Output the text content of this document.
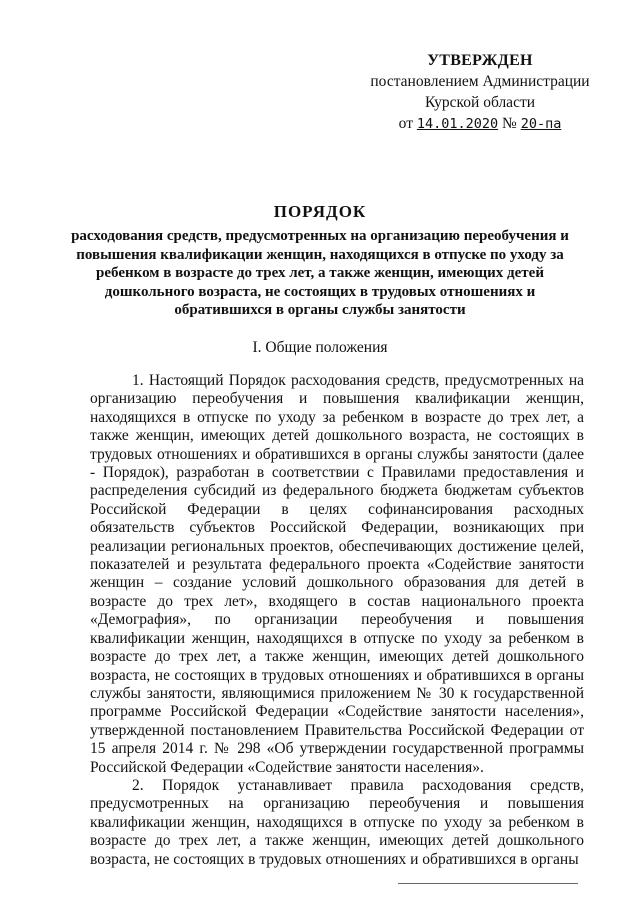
УТВЕРЖДЕН
постановлением Администрации
Курской области
от 14.01.2020 № 20-па
ПОРЯДОК
расходования средств, предусмотренных на организацию переобучения и повышения квалификации женщин, находящихся в отпуске по уходу за ребенком в возрасте до трех лет, а также женщин, имеющих детей дошкольного возраста, не состоящих в трудовых отношениях и обратившихся в органы службы занятости
I. Общие положения

1. Настоящий Порядок расходования средств, предусмотренных на организацию переобучения и повышения квалификации женщин, находящихся в отпуске по уходу за ребенком в возрасте до трех лет, а также женщин, имеющих детей дошкольного возраста, не состоящих в трудовых отношениях и обратившихся в органы службы занятости (далее - Порядок), разработан в соответствии с Правилами предоставления и распределения субсидий из федерального бюджета бюджетам субъектов Российской Федерации в целях софинансирования расходных обязательств субъектов Российской Федерации, возникающих при реализации региональных проектов, обеспечивающих достижение целей, показателей и результата федерального проекта «Содействие занятости женщин – создание условий дошкольного образования для детей в возрасте до трех лет», входящего в состав национального проекта «Демография», по организации переобучения и повышения квалификации женщин, находящихся в отпуске по уходу за ребенком в возрасте до трех лет, а также женщин, имеющих детей дошкольного возраста, не состоящих в трудовых отношениях и обратившихся в органы службы занятости, являющимися приложением № 30 к государственной программе Российской Федерации «Содействие занятости населения», утвержденной постановлением Правительства Российской Федерации от 15 апреля 2014 г. № 298 «Об утверждении государственной программы Российской Федерации «Содействие занятости населения».

2. Порядок устанавливает правила расходования средств, предусмотренных на организацию переобучения и повышения квалификации женщин, находящихся в отпуске по уходу за ребенком в возрасте до трех лет, а также женщин, имеющих детей дошкольного возраста, не состоящих в трудовых отношениях и обратившихся в органы
